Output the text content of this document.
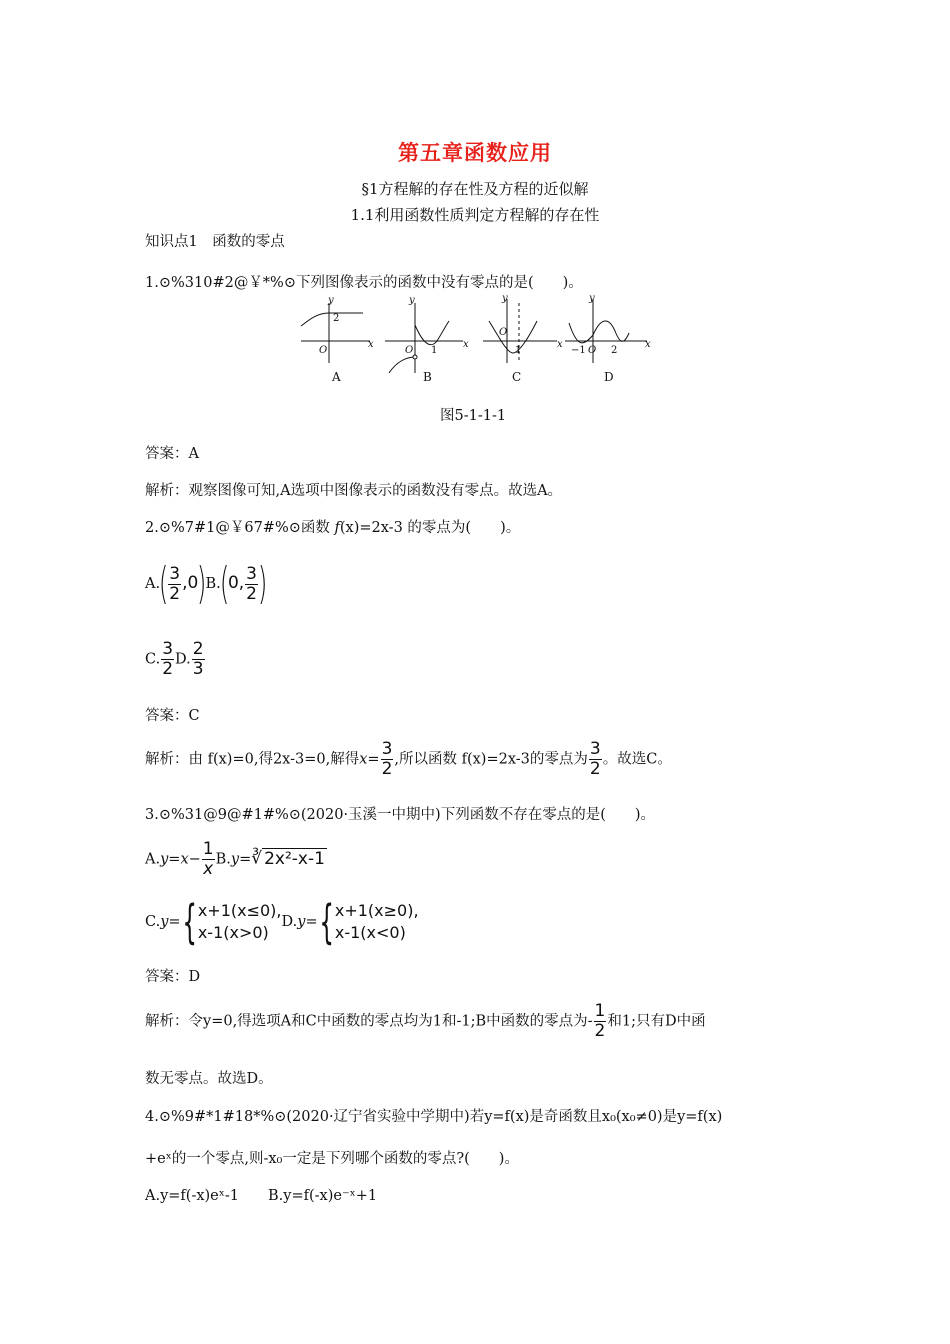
第五章函数应用
§1方程解的存在性及方程的近似解
1.1利用函数性质判定方程解的存在性
知识点1　函数的零点
1.⊙%310#2@￥*%⊙下列图像表示的函数中没有零点的是(　　)。
y
x
O
2
y
x
O 1
y
x
O
1
y
x
−1 O 2
A	B	C	D
图5-1-1-1
答案：A
解析：观察图像可知,A选项中图像表示的函数没有零点。故选A。
2.⊙%7#1@￥67#%⊙函数 f(x)=2x-3 的零点为(　　)。
$A.( \frac{3}{2} ,0)B.(0$, $\frac{3}{2}$ )
C. $\frac{3}{2} D$. $\frac{2}{3}$
答案：C
解析：由 f(x)=0,得2x-3=0,解得$x= \frac{3}{2}$ ,所以函数 f(x)=2x-3的零点为 $\frac{3}{2}$ 。故选C。
3.⊙%31@9@#1#%⊙(2020·玉溪一中期中)下列函数不存在零点的是(　　)。
$A.y=x- \frac{1}{x}$ B.y=∛ 2x²-x-1
C.y={x+1(x≤0),
x-1(x>0)D.y={x+1(x≥0),
x-1(x<0)
答案：D
解析：令y=0,得选项A和C中函数的零点均为1和-1;B中函数的零点为- $\frac{1}{2}$ 和1;只有D中函
数无零点。故选D。
4.⊙%9#*1#18*%⊙(2020·辽宁省实验中学期中)若y=f(x)是奇函数且x₀(x₀≠0)是y=f(x)
+eˣ的一个零点,则-x₀一定是下列哪个函数的零点?(　　)。
A.y=f(-x)eˣ-1　　B.y=f(-x)e⁻ˣ+1
